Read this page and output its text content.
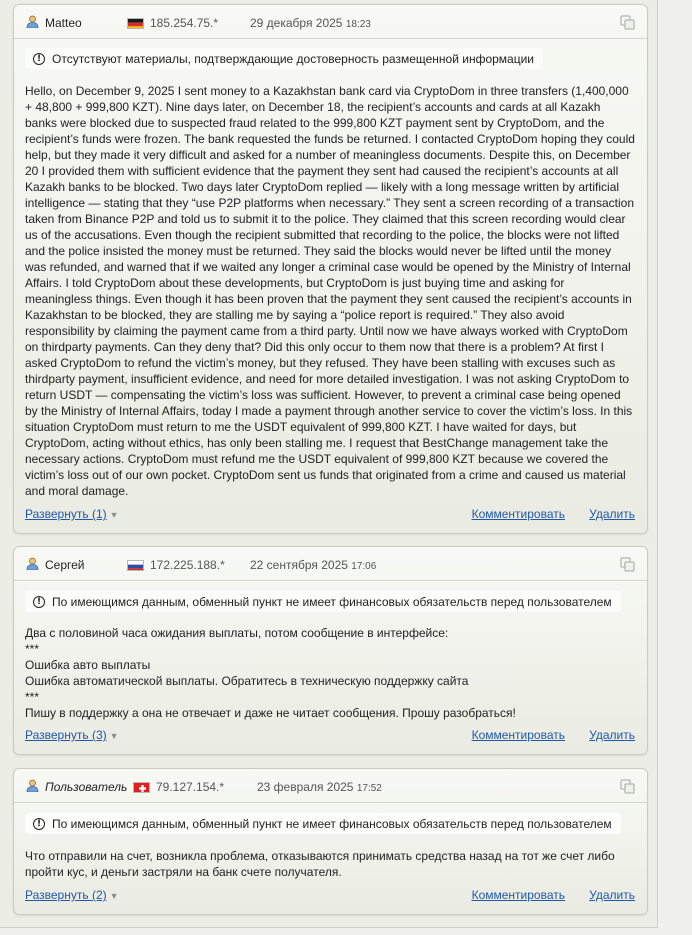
Matteo	185.254.75.*	29 декабря 2025 18:23
! Отсутствуют материалы, подтверждающие достоверность размещенной информации

Hello, on December 9, 2025 I sent money to a Kazakhstan bank card via CryptoDom in three transfers (1,400,000 + 48,800 + 999,800 KZT). Nine days later, on December 18, the recipient’s accounts and cards at all Kazakh banks were blocked due to suspected fraud related to the 999,800 KZT payment sent by CryptoDom, and the recipient’s funds were frozen. The bank requested the funds be returned. I contacted CryptoDom hoping they could help, but they made it very difficult and asked for a number of meaningless documents. Despite this, on December 20 I provided them with sufficient evidence that the payment they sent had caused the recipient’s accounts at all Kazakh banks to be blocked. Two days later CryptoDom replied — likely with a long message written by artificial intelligence — stating that they “use P2P platforms when necessary.” They sent a screen recording of a transaction taken from Binance P2P and told us to submit it to the police. They claimed that this screen recording would clear us of the accusations. Even though the recipient submitted that recording to the police, the blocks were not lifted and the police insisted the money must be returned. They said the blocks would never be lifted until the money was refunded, and warned that if we waited any longer a criminal case would be opened by the Ministry of Internal Affairs. I told CryptoDom about these developments, but CryptoDom is just buying time and asking for meaningless things. Even though it has been proven that the payment they sent caused the recipient’s accounts in Kazakhstan to be blocked, they are stalling me by saying a “police report is required.” They also avoid responsibility by claiming the payment came from a third party. Until now we have always worked with CryptoDom on thirdparty payments. Can they deny that? Did this only occur to them now that there is a problem? At first I asked CryptoDom to refund the victim’s money, but they refused. They have been stalling with excuses such as thirdparty payment, insufficient evidence, and need for more detailed investigation. I was not asking CryptoDom to return USDT — compensating the victim’s loss was sufficient. However, to prevent a criminal case being opened by the Ministry of Internal Affairs, today I made a payment through another service to cover the victim’s loss. In this situation CryptoDom must return to me the USDT equivalent of 999,800 KZT. I have waited for days, but CryptoDom, acting without ethics, has only been stalling me. I request that BestChange management take the necessary actions. CryptoDom must refund me the USDT equivalent of 999,800 KZT because we covered the victim’s loss out of our own pocket. CryptoDom sent us funds that originated from a crime and caused us material and moral damage.

Развернуть (1) ▼	Комментировать Удалить
Сергей	172.225.188.* 22 сентября 2025 17:06
! По имеющимся данным, обменный пункт не имеет финансовых обязательств перед пользователем

Два с половиной часа ожидания выплаты, потом сообщение в интерфейсе:

***

Ошибка авто выплаты

Ошибка автоматической выплаты. Обратитесь в техническую поддержку сайта

***

Пишу в поддержку а она не отвечает и даже не читает сообщения. Прошу разобраться!

Развернуть (3) ▼	Комментировать Удалить
Пользователь 79.127.154.*	23 февраля 2025 17:52
! По имеющимся данным, обменный пункт не имеет финансовых обязательств перед пользователем

Что отправили на счет, возникла проблема, отказываются принимать средства назад на тот же счет либо пройти кус, и деньги застряли на банк счете получателя.

Развернуть (2) ▼	Комментировать Удалить
